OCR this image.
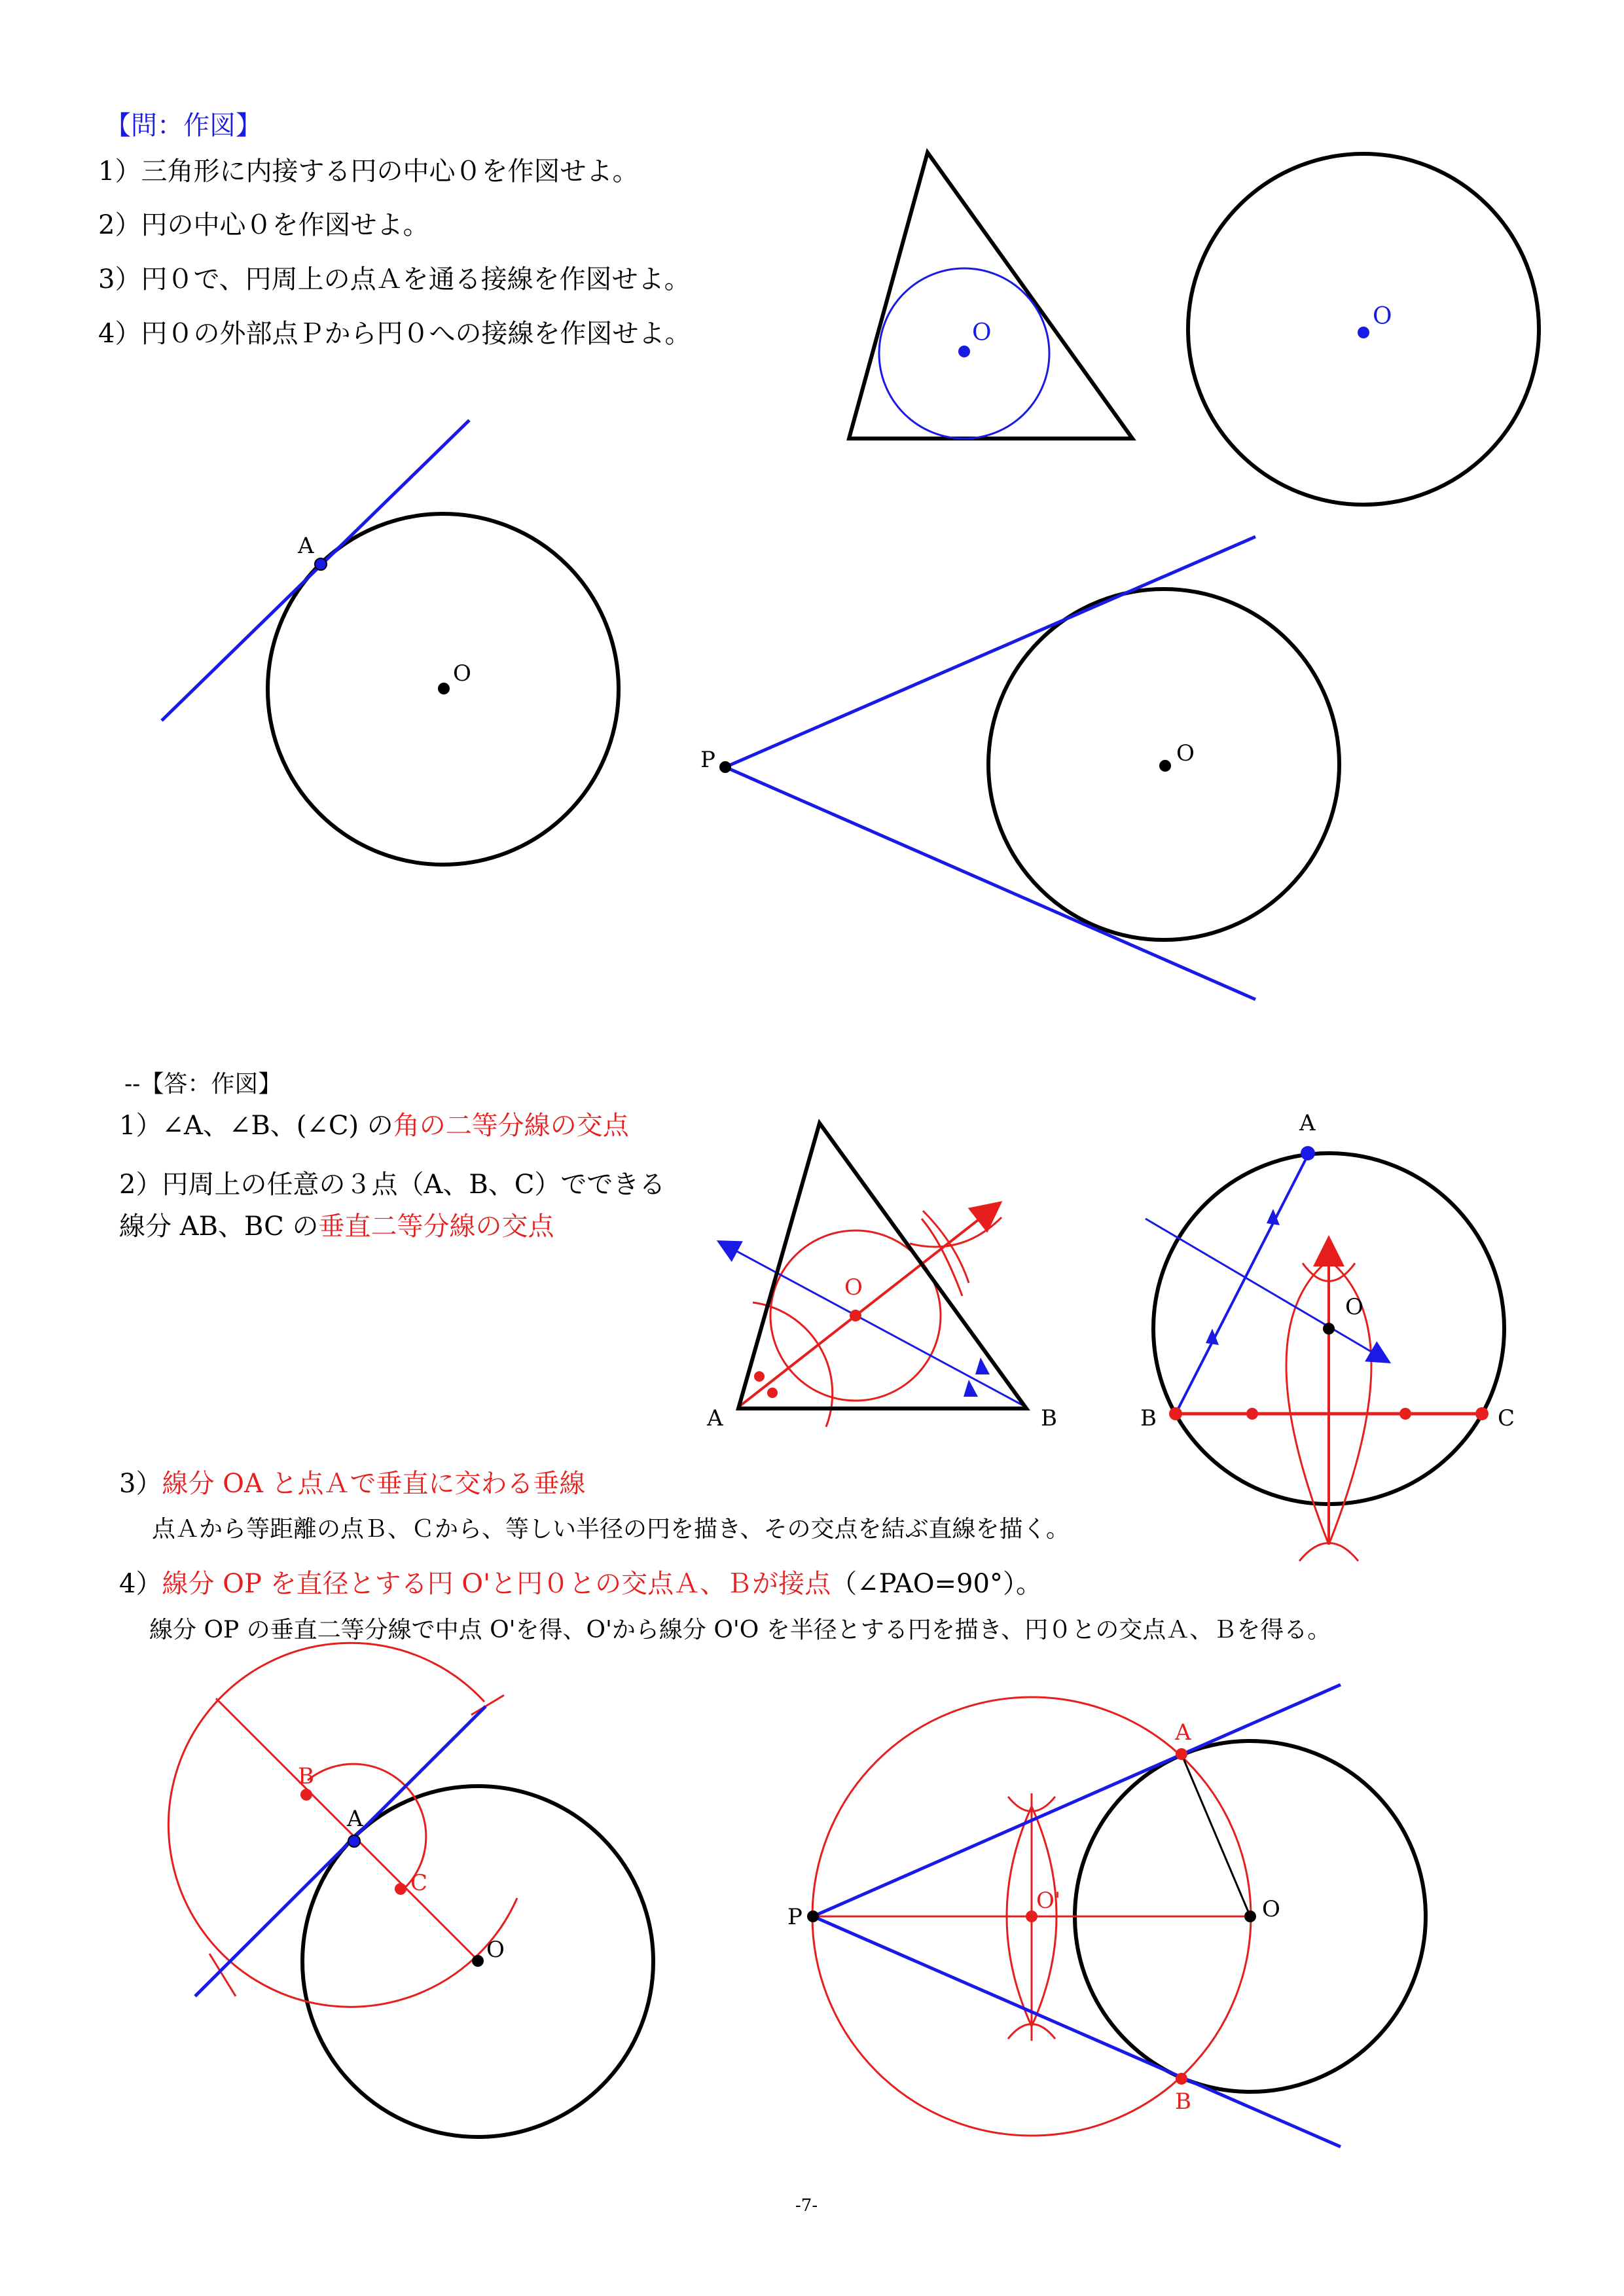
【問：作図】
1）三角形に内接する円の中心０を作図せよ。
2）円の中心０を作図せよ。
3）円０で、円周上の点Ａを通る接線を作図せよ。
4）円０の外部点Ｐから円０への接線を作図せよ。
--【答：作図】
1）∠A、∠B、(∠C) の角の二等分線の交点
2）円周上の任意の３点（A、B、C）でできる
線分 AB、BC の垂直二等分線の交点
3）線分 OA と点Ａで垂直に交わる垂線
点Ａから等距離の点Ｂ、Ｃから、等しい半径の円を描き、その交点を結ぶ直線を描く。
4）線分 OP を直径とする円 O'と円０との交点Ａ、Ｂが接点（∠PAO=90°）。
線分 OP の垂直二等分線で中点 O'を得、O'から線分 O'O を半径とする円を描き、円０との交点Ａ、Ｂを得る。
-7-
O
O
A
O
P	O
O
A	B
O
A
B	C
B
A
C
O
P
O'	O
A
B
